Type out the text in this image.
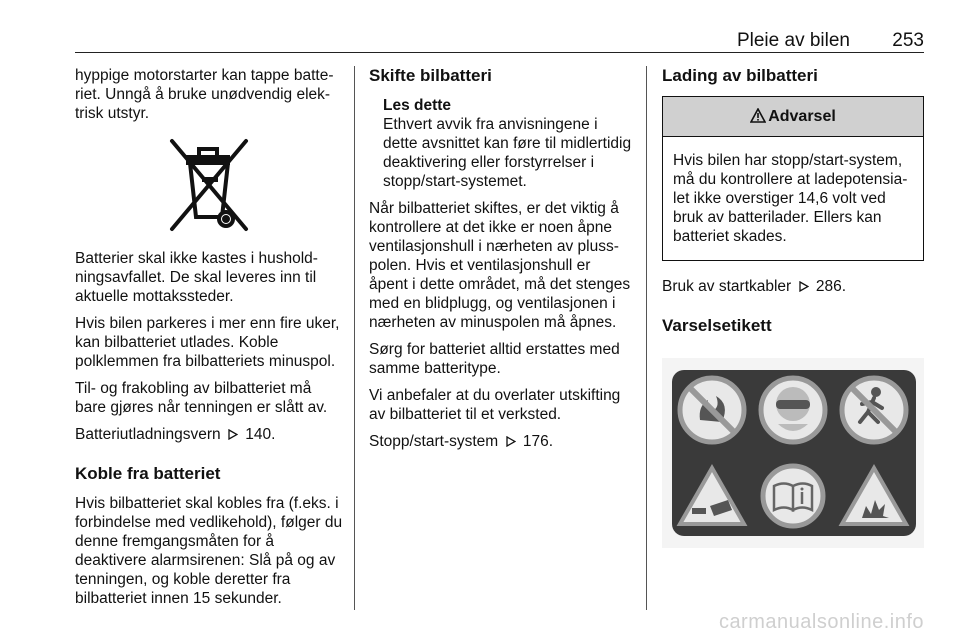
Pleie av bilen 253

hyppige motorstarter kan tappe batteriet. Unngå å bruke unødvendig elektrisk utstyr.

Batterier skal ikke kastes i husholdningsavfallet. De skal leveres inn til aktuelle mottakssteder.

Hvis bilen parkeres i mer enn fire uker, kan bilbatteriet utlades. Koble polklemmen fra bilbatteriets minuspol.

Til- og frakobling av bilbatteriet må bare gjøres når tenningen er slått av.

Batteriutladningsvern 140.

Koble fra batteriet

Hvis bilbatteriet skal kobles fra (f.eks. i forbindelse med vedlikehold), følger du denne fremgangsmåten for å deaktivere alarmsirenen: Slå på og av tenningen, og koble deretter fra bilbatteriet innen 15 sekunder.

Skifte bilbatteri
Les dette
Ethvert avvik fra anvisningene i dette avsnittet kan føre til midlertidig deaktivering eller forstyrrelser i stopp/start-systemet.

Når bilbatteriet skiftes, er det viktig å kontrollere at det ikke er noen åpne ventilasjonshull i nærheten av plusspolen. Hvis et ventilasjonshull er åpent i dette området, må det stenges med en blidplugg, og ventilasjonen i nærheten av minuspolen må åpnes.

Sørg for batteriet alltid erstattes med samme batteritype.

Vi anbefaler at du overlater utskifting av bilbatteriet til et verksted.

Stopp/start-system 176.

Lading av bilbatteri
Advarsel
Hvis bilen har stopp/start-system, må du kontrollere at ladepotensialet ikke overstiger 14,6 volt ved bruk av batterilader. Ellers kan batteriet skades.

Bruk av startkabler 286.

Varselsetikett
carmanualsonline.info
